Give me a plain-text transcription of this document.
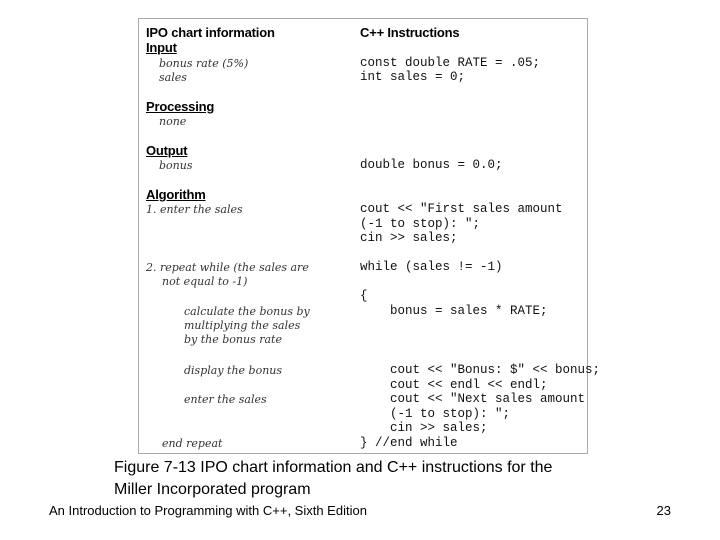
IPO chart information
Input
bonus rate (5%)
sales
Processing
none
Output
bonus
Algorithm
1. enter the sales
2. repeat while (the sales are
not equal to -1)
calculate the bonus by
multiplying the sales
by the bonus rate
display the bonus
enter the sales
end repeat
C++ Instructions
const double RATE = .05;
int sales = 0;
double bonus = 0.0;
cout << "First sales amount
(-1 to stop): ";
cin >> sales;
while (sales != -1)
{
bonus = sales * RATE;
cout << "Bonus: $" << bonus;
cout << endl << endl;
cout << "Next sales amount
(-1 to stop): ";
cin >> sales;
} //end while
Figure 7-13 IPO chart information and C++ instructions for the
Miller Incorporated program
An Introduction to Programming with C++, Sixth Edition	23
